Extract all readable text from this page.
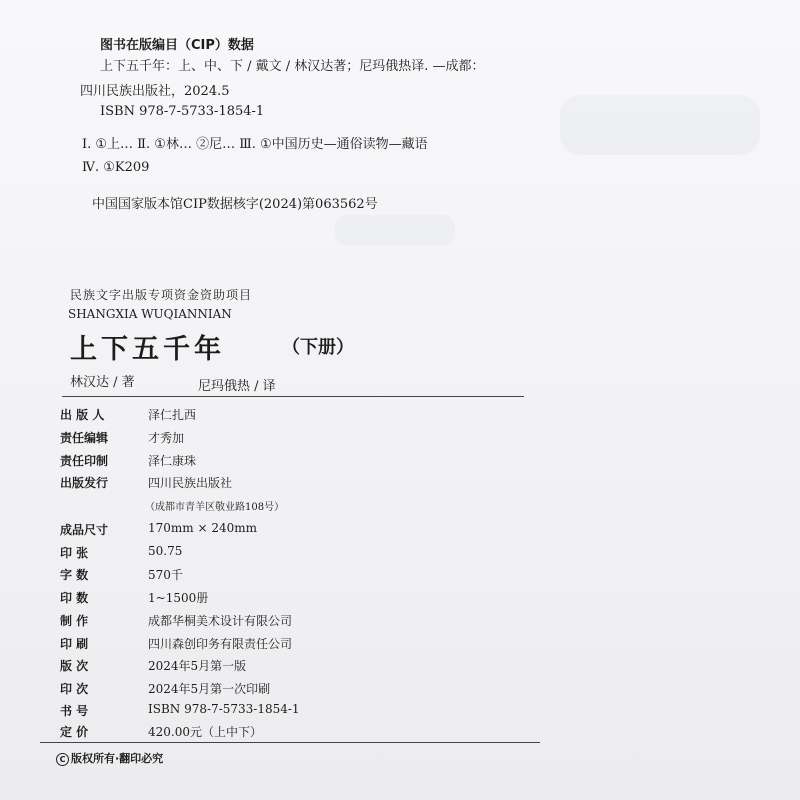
图书在版编目（CIP）数据
上下五千年：上、中、下 / 戴文 / 林汉达著；尼玛俄热译. —成都：
四川民族出版社，2024.5
ISBN 978-7-5733-1854-1
Ⅰ. ①上… Ⅱ. ①林… ②尼… Ⅲ. ①中国历史—通俗读物—藏语
Ⅳ. ①K209
中国国家版本馆CIP数据核字(2024)第063562号
民族文字出版专项资金资助项目
SHANGXIA WUQIANNIAN
上下五千年	（下册）
林汉达 / 著	尼玛俄热 / 译
出 版 人	泽仁扎西
责任编辑	才秀加
责任印制	泽仁康珠
出版发行	四川民族出版社
（成都市青羊区敬业路108号）
成品尺寸	170mm × 240mm
印 张	50.75
字 数	570千
印 数	1~1500册
制 作	成都华桐美术设计有限公司
印 刷	四川森创印务有限责任公司
版 次	2024年5月第一版
印 次	2024年5月第一次印刷
书 号	ISBN 978-7-5733-1854-1
定 价	420.00元（上中下）
C 版权所有·翻印必究
